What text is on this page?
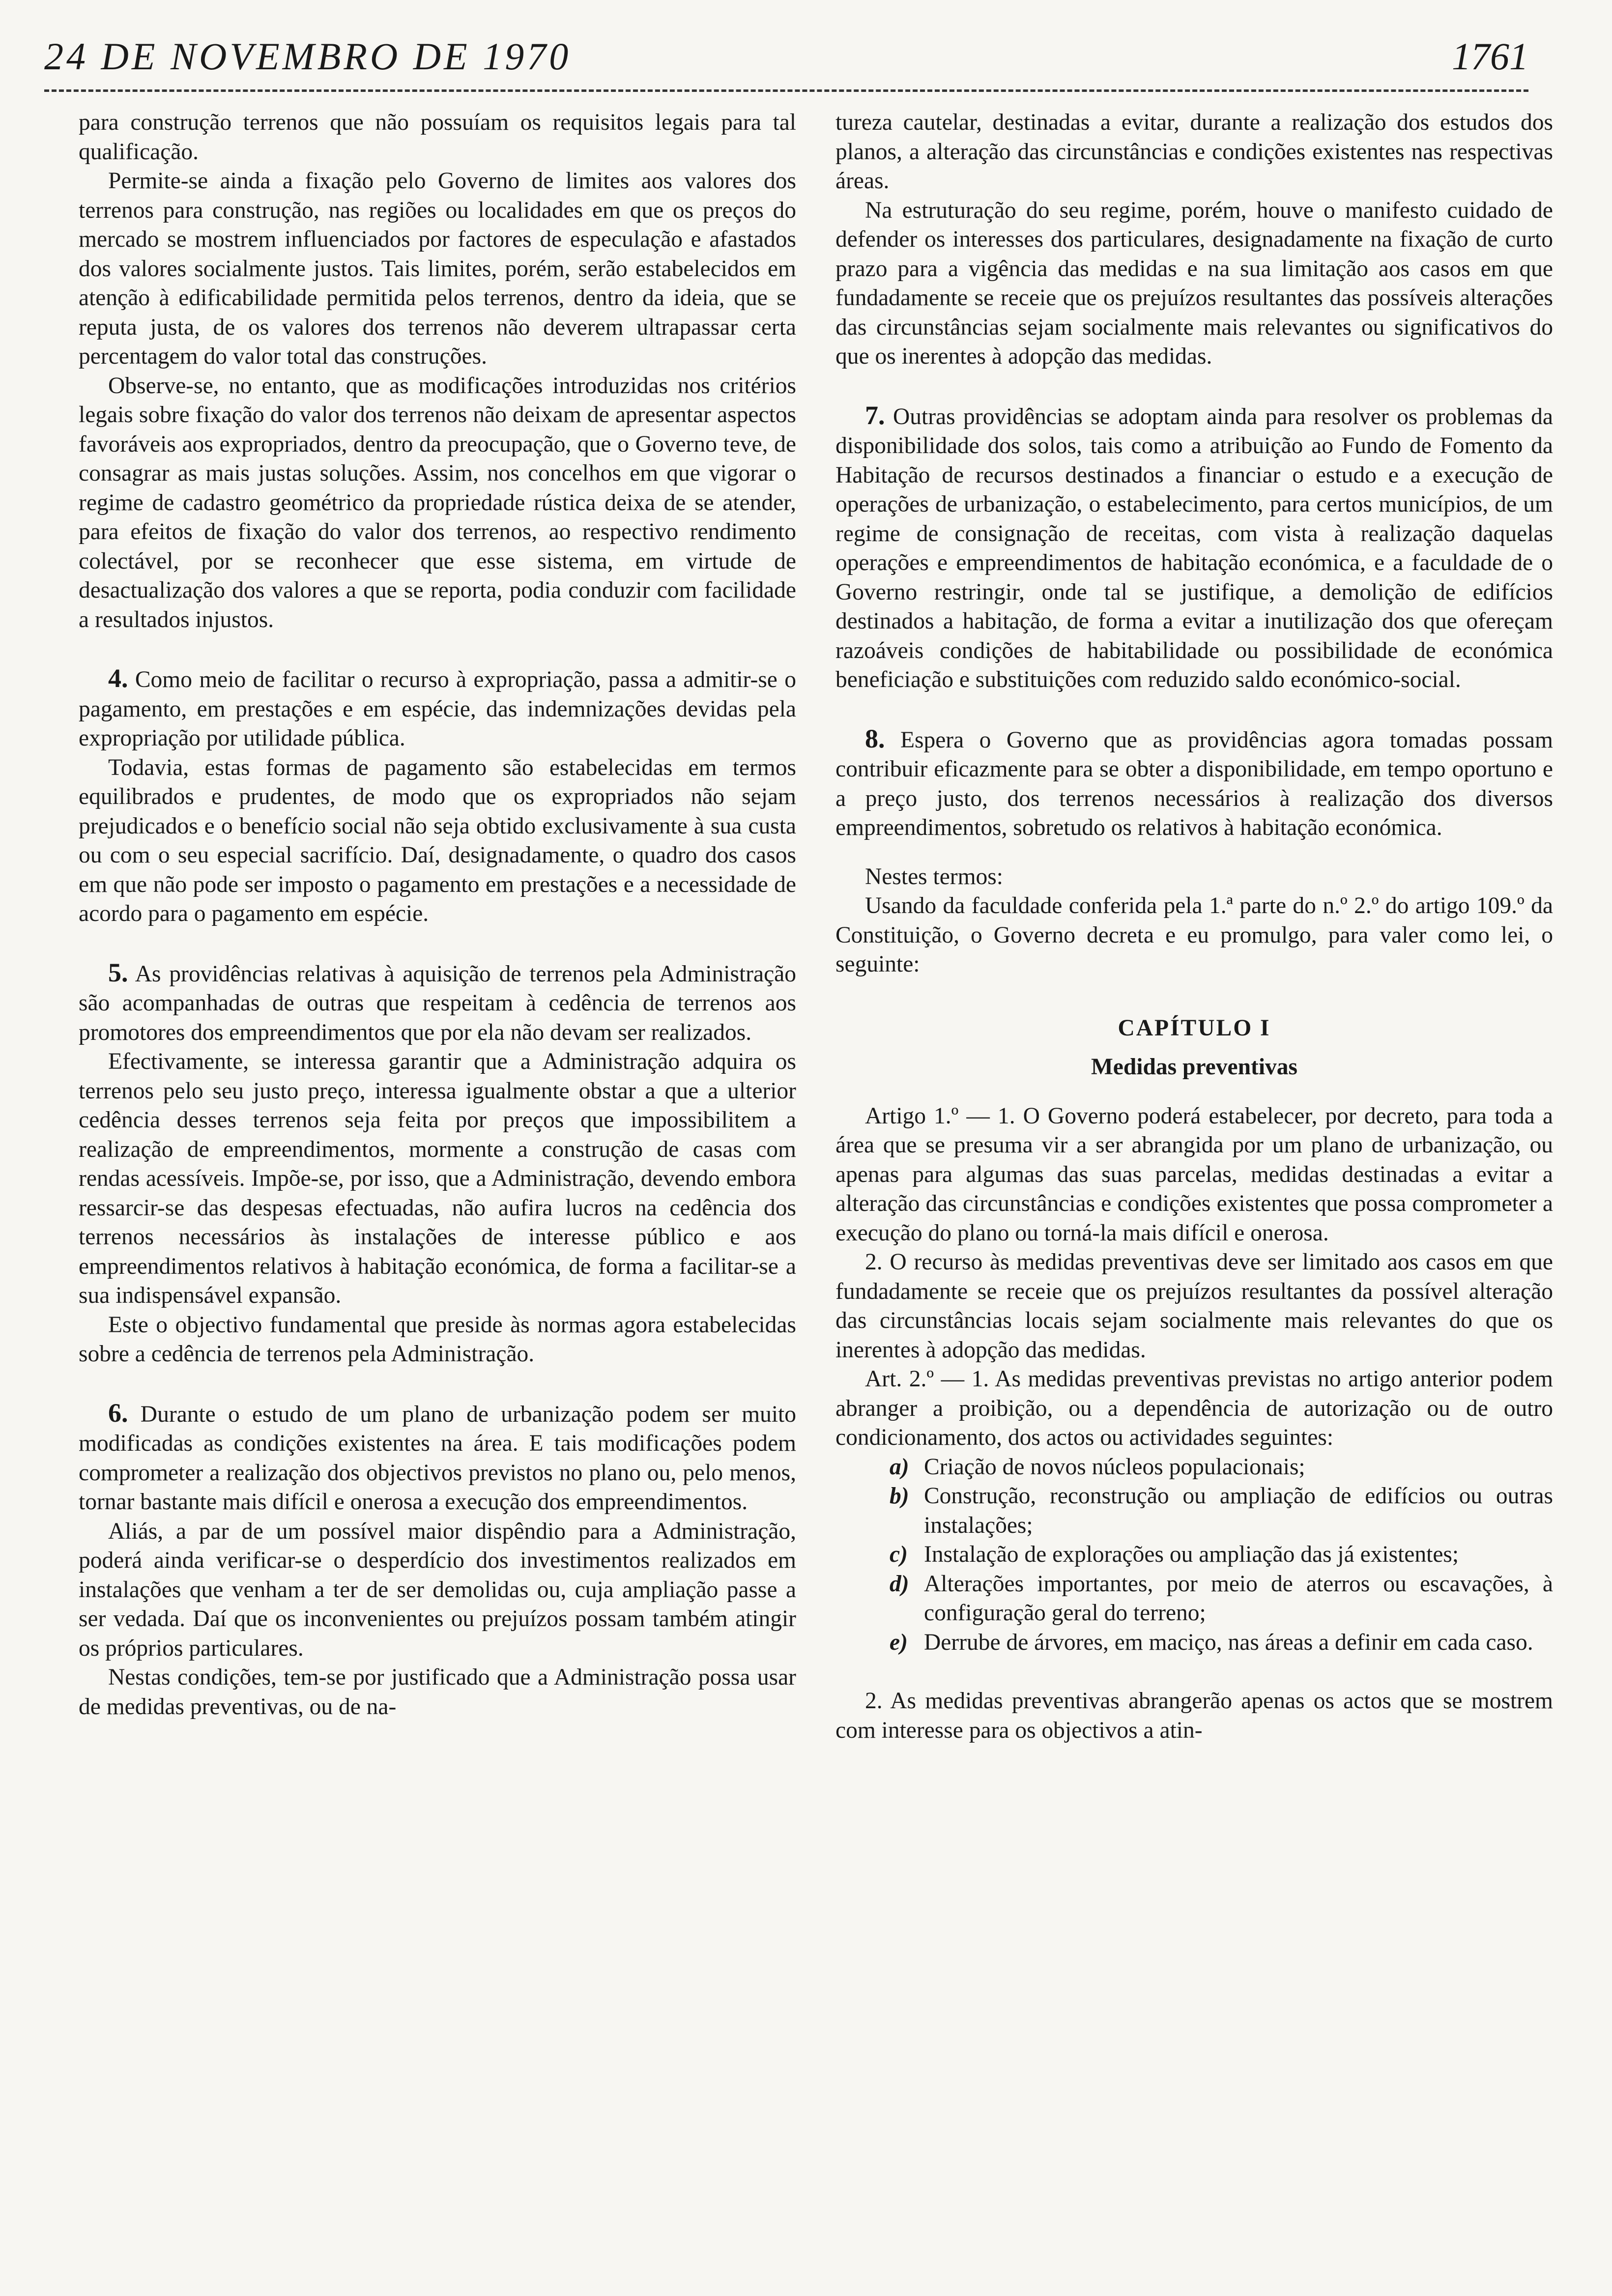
24 DE NOVEMBRO DE 1970	1761

para construção terrenos que não possuíam os requisitos legais para tal qualificação.

Permite-se ainda a fixação pelo Governo de limites aos valores dos terrenos para construção, nas regiões ou localidades em que os preços do mercado se mostrem influenciados por factores de especulação e afastados dos valores socialmente justos. Tais limites, porém, serão estabelecidos em atenção à edificabilidade permitida pelos terrenos, dentro da ideia, que se reputa justa, de os valores dos terrenos não deverem ultrapassar certa percentagem do valor total das construções.

Observe-se, no entanto, que as modificações introduzidas nos critérios legais sobre fixação do valor dos terrenos não deixam de apresentar aspectos favoráveis aos expropriados, dentro da preocupação, que o Governo teve, de consagrar as mais justas soluções. Assim, nos concelhos em que vigorar o regime de cadastro geométrico da propriedade rústica deixa de se atender, para efeitos de fixação do valor dos terrenos, ao respectivo rendimento colectável, por se reconhecer que esse sistema, em virtude de desactualização dos valores a que se reporta, podia conduzir com facilidade a resultados injustos.

4. Como meio de facilitar o recurso à expropriação, passa a admitir-se o pagamento, em prestações e em espécie, das indemnizações devidas pela expropriação por utilidade pública.

Todavia, estas formas de pagamento são estabelecidas em termos equilibrados e prudentes, de modo que os expropriados não sejam prejudicados e o benefício social não seja obtido exclusivamente à sua custa ou com o seu especial sacrifício. Daí, designadamente, o quadro dos casos em que não pode ser imposto o pagamento em prestações e a necessidade de acordo para o pagamento em espécie.

5. As providências relativas à aquisição de terrenos pela Administração são acompanhadas de outras que respeitam à cedência de terrenos aos promotores dos empreendimentos que por ela não devam ser realizados.

Efectivamente, se interessa garantir que a Administração adquira os terrenos pelo seu justo preço, interessa igualmente obstar a que a ulterior cedência desses terrenos seja feita por preços que impossibilitem a realização de empreendimentos, mormente a construção de casas com rendas acessíveis. Impõe-se, por isso, que a Administração, devendo embora ressarcir-se das despesas efectuadas, não aufira lucros na cedência dos terrenos necessários às instalações de interesse público e aos empreendimentos relativos à habitação económica, de forma a facilitar-se a sua indispensável expansão.

Este o objectivo fundamental que preside às normas agora estabelecidas sobre a cedência de terrenos pela Administração.

6. Durante o estudo de um plano de urbanização podem ser muito modificadas as condições existentes na área. E tais modificações podem comprometer a realização dos objectivos previstos no plano ou, pelo menos, tornar bastante mais difícil e onerosa a execução dos empreendimentos.

Aliás, a par de um possível maior dispêndio para a Administração, poderá ainda verificar-se o desperdício dos investimentos realizados em instalações que venham a ter de ser demolidas ou, cuja ampliação passe a ser vedada. Daí que os inconvenientes ou prejuízos possam também atingir os próprios particulares.

Nestas condições, tem-se por justificado que a Administração possa usar de medidas preventivas, ou de na-

tureza cautelar, destinadas a evitar, durante a realização dos estudos dos planos, a alteração das circunstâncias e condições existentes nas respectivas áreas.

Na estruturação do seu regime, porém, houve o manifesto cuidado de defender os interesses dos particulares, designadamente na fixação de curto prazo para a vigência das medidas e na sua limitação aos casos em que fundadamente se receie que os prejuízos resultantes das possíveis alterações das circunstâncias sejam socialmente mais relevantes ou significativos do que os inerentes à adopção das medidas.

7. Outras providências se adoptam ainda para resolver os problemas da disponibilidade dos solos, tais como a atribuição ao Fundo de Fomento da Habitação de recursos destinados a financiar o estudo e a execução de operações de urbanização, o estabelecimento, para certos municípios, de um regime de consignação de receitas, com vista à realização daquelas operações e empreendimentos de habitação económica, e a faculdade de o Governo restringir, onde tal se justifique, a demolição de edifícios destinados a habitação, de forma a evitar a inutilização dos que ofereçam razoáveis condições de habitabilidade ou possibilidade de económica beneficiação e substituições com reduzido saldo económico-social.

8. Espera o Governo que as providências agora tomadas possam contribuir eficazmente para se obter a disponibilidade, em tempo oportuno e a preço justo, dos terrenos necessários à realização dos diversos empreendimentos, sobretudo os relativos à habitação económica.

Nestes termos:

Usando da faculdade conferida pela 1.ª parte do n.º 2.º do artigo 109.º da Constituição, o Governo decreta e eu promulgo, para valer como lei, o seguinte:

CAPÍTULO I

Medidas preventivas

Artigo 1.º — 1. O Governo poderá estabelecer, por decreto, para toda a área que se presuma vir a ser abrangida por um plano de urbanização, ou apenas para algumas das suas parcelas, medidas destinadas a evitar a alteração das circunstâncias e condições existentes que possa comprometer a execução do plano ou torná-la mais difícil e onerosa.

2. O recurso às medidas preventivas deve ser limitado aos casos em que fundadamente se receie que os prejuízos resultantes da possível alteração das circunstâncias locais sejam socialmente mais relevantes do que os inerentes à adopção das medidas.

Art. 2.º — 1. As medidas preventivas previstas no artigo anterior podem abranger a proibição, ou a dependência de autorização ou de outro condicionamento, dos actos ou actividades seguintes:

a) Criação de novos núcleos populacionais;

b) Construção, reconstrução ou ampliação de edifícios ou outras instalações;

c) Instalação de explorações ou ampliação das já existentes;

d) Alterações importantes, por meio de aterros ou escavações, à configuração geral do terreno;

e) Derrube de árvores, em maciço, nas áreas a definir em cada caso.

2. As medidas preventivas abrangerão apenas os actos que se mostrem com interesse para os objectivos a atin-
